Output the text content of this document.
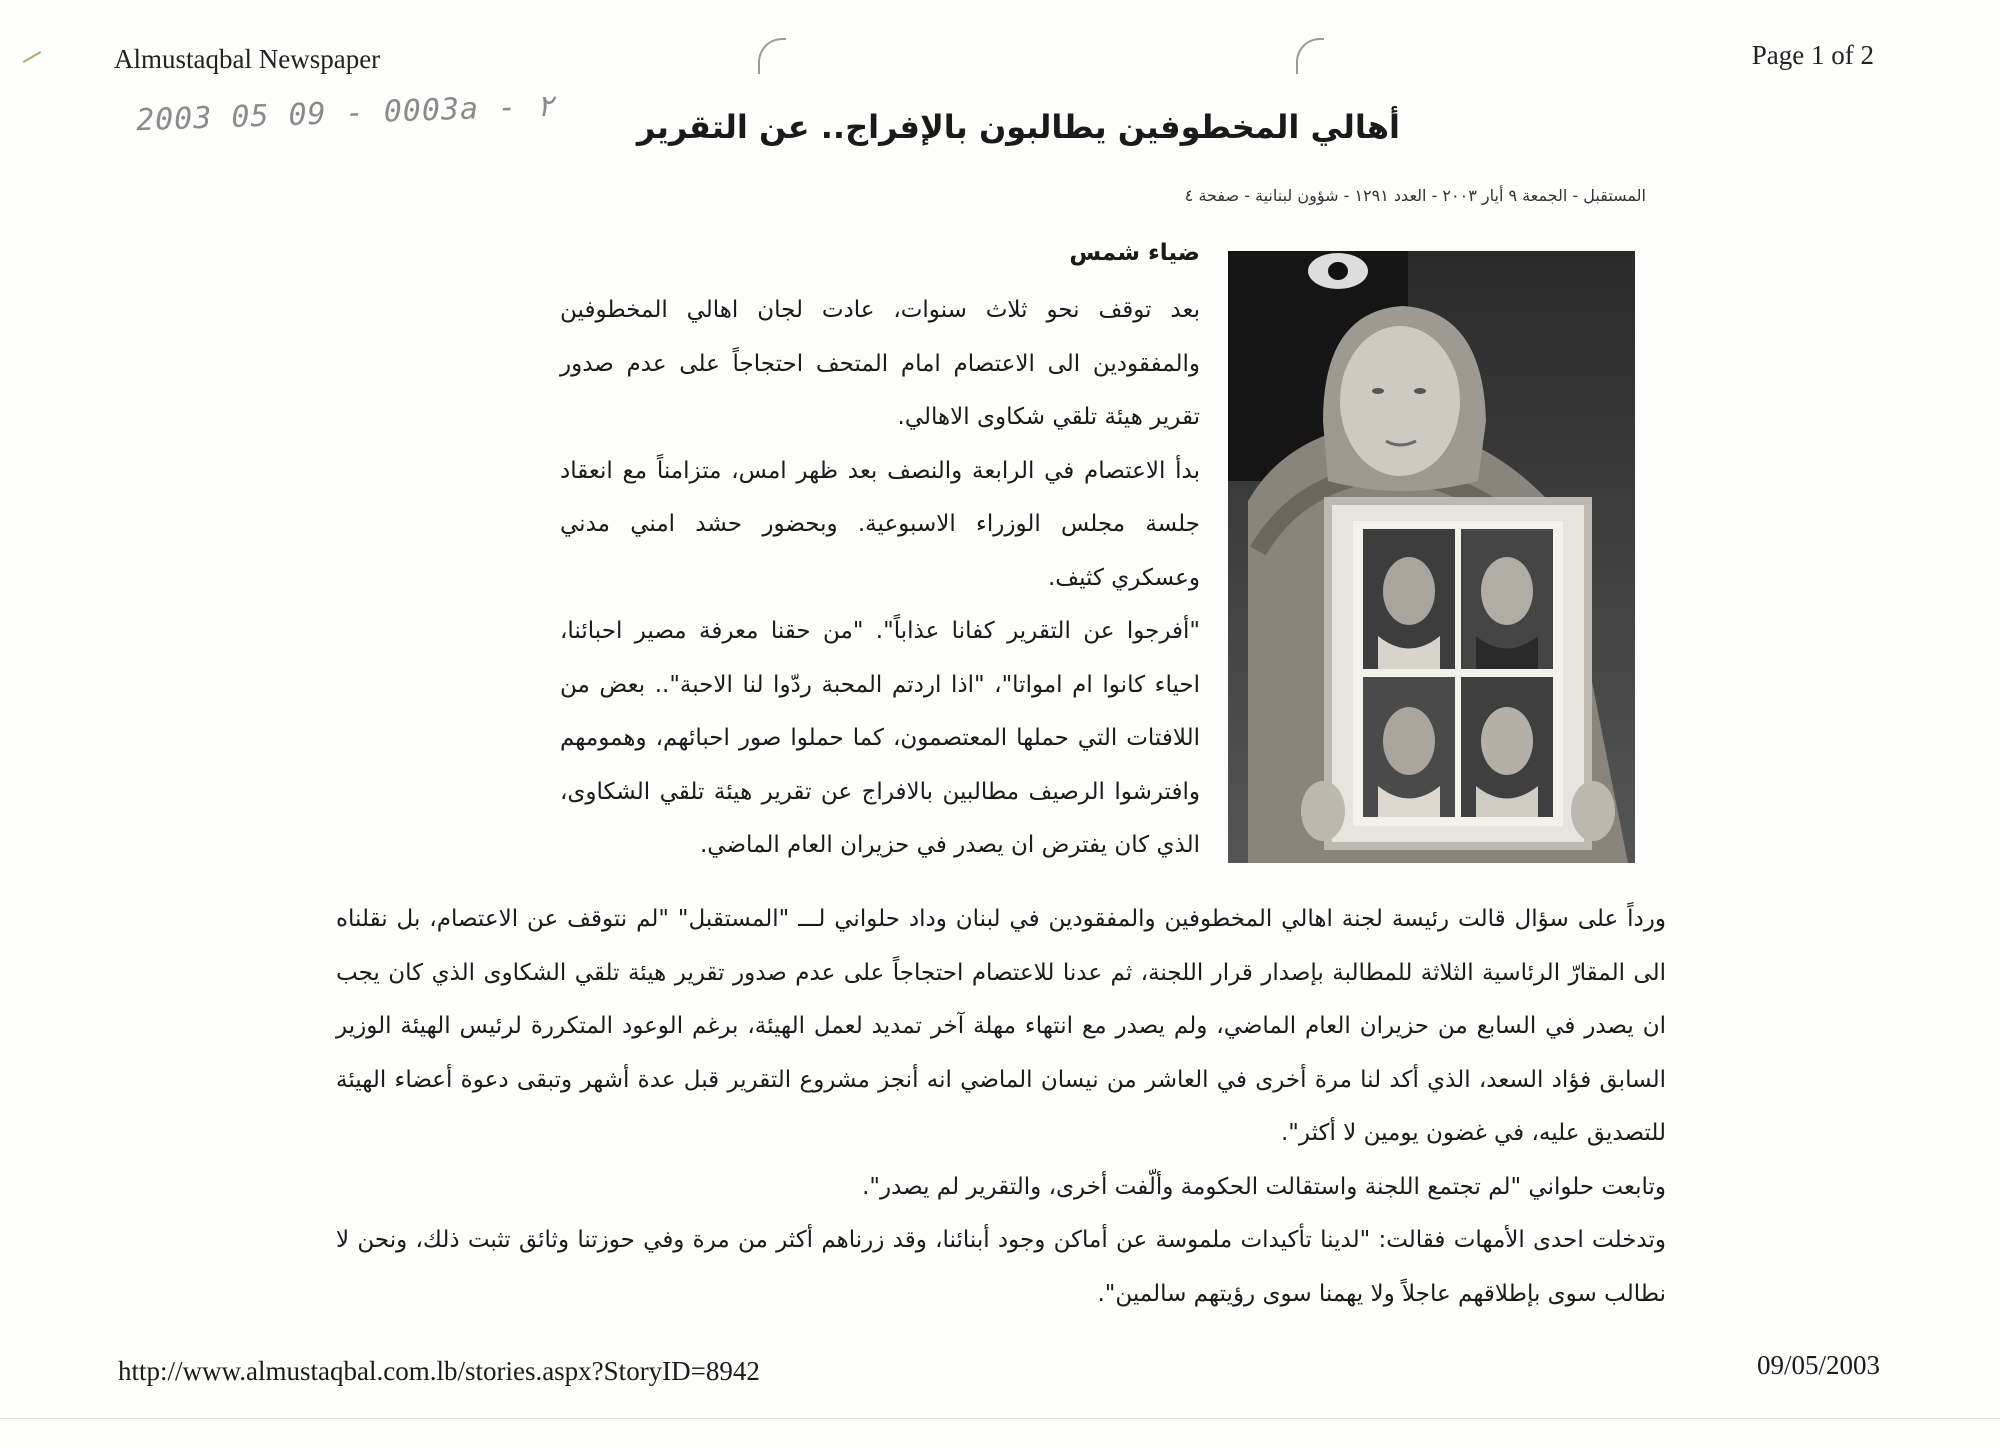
Almustaqbal Newspaper	Page 1 of 2
2003 05 09 - 0003a - ٢
أهالي المخطوفين يطالبون بالإفراج.. عن التقرير
المستقبل - الجمعة ٩ أيار ٢٠٠٣ - العدد ١٢٩١ - شؤون لبنانية - صفحة ٤
ضياء شمس

بعد توقف نحو ثلاث سنوات، عادت لجان اهالي المخطوفين والمفقودين الى الاعتصام امام المتحف احتجاجاً على عدم صدور تقرير هيئة تلقي شكاوى الاهالي.

بدأ الاعتصام في الرابعة والنصف بعد ظهر امس، متزامناً مع انعقاد جلسة مجلس الوزراء الاسبوعية. وبحضور حشد امني مدني وعسكري كثيف.

"أفرجوا عن التقرير كفانا عذاباً". "من حقنا معرفة مصير احبائنا، احياء كانوا ام امواتا"، "اذا اردتم المحبة ردّوا لنا الاحبة".. بعض من اللافتات التي حملها المعتصمون، كما حملوا صور احبائهم، وهمومهم وافترشوا الرصيف مطالبين بالافراج عن تقرير هيئة تلقي الشكاوى، الذي كان يفترض ان يصدر في حزيران العام الماضي.

ورداً على سؤال قالت رئيسة لجنة اهالي المخطوفين والمفقودين في لبنان وداد حلواني لـــ "المستقبل" "لم نتوقف عن الاعتصام، بل نقلناه الى المقارّ الرئاسية الثلاثة للمطالبة بإصدار قرار اللجنة، ثم عدنا للاعتصام احتجاجاً على عدم صدور تقرير هيئة تلقي الشكاوى الذي كان يجب ان يصدر في السابع من حزيران العام الماضي، ولم يصدر مع انتهاء مهلة آخر تمديد لعمل الهيئة، برغم الوعود المتكررة لرئيس الهيئة الوزير السابق فؤاد السعد، الذي أكد لنا مرة أخرى في العاشر من نيسان الماضي انه أنجز مشروع التقرير قبل عدة أشهر وتبقى دعوة أعضاء الهيئة للتصديق عليه، في غضون يومين لا أكثر".

وتابعت حلواني "لم تجتمع اللجنة واستقالت الحكومة وألّفت أخرى، والتقرير لم يصدر".

وتدخلت احدى الأمهات فقالت: "لدينا تأكيدات ملموسة عن أماكن وجود أبنائنا، وقد زرناهم أكثر من مرة وفي حوزتنا وثائق تثبت ذلك، ونحن لا نطالب سوى بإطلاقهم عاجلاً ولا يهمنا سوى رؤيتهم سالمين".

http://www.almustaqbal.com.lb/stories.aspx?StoryID=8942	09/05/2003
